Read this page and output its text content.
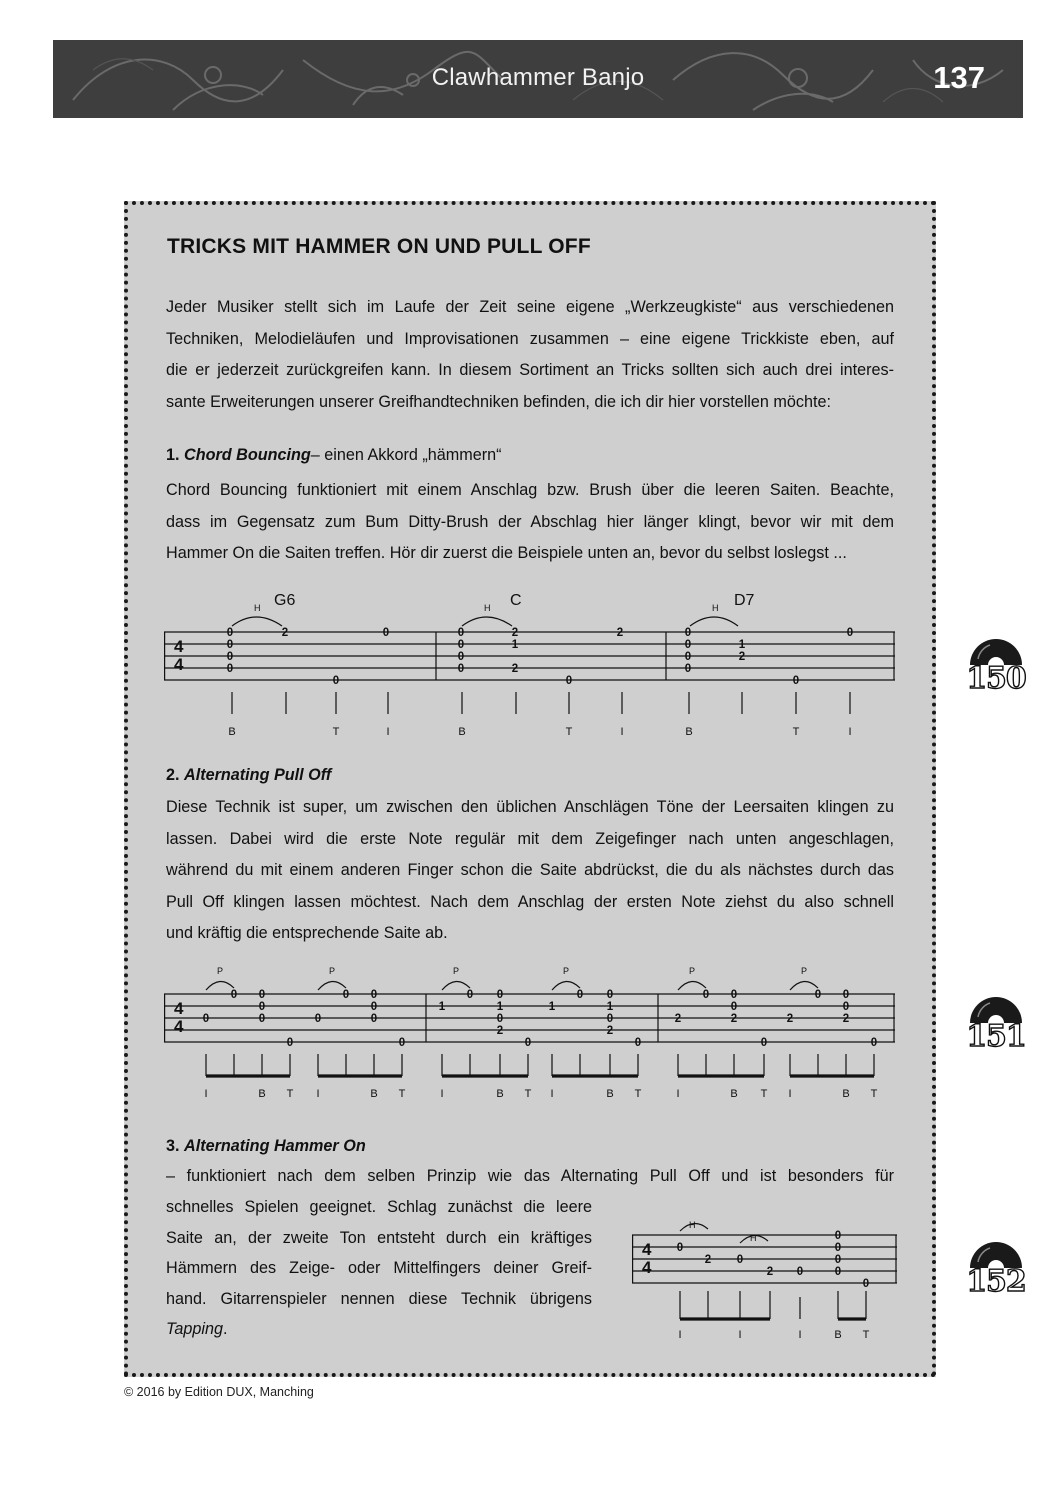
Clawhammer Banjo	137
TRICKS MIT HAMMER ON UND PULL OFF
Jeder Musiker stellt sich im Laufe der Zeit seine eigene „Werkzeugkiste“ aus verschiedenen
Techniken, Melodieläufen und Improvisationen zusammen – eine eigene Trickkiste eben, auf
die er jederzeit zurückgreifen kann. In diesem Sortiment an Tricks sollten sich auch drei interes-
sante Erweiterungen unserer Greifhandtechniken befinden, die ich dir hier vorstellen möchte:
1. Chord Bouncing– einen Akkord „hämmern“
Chord Bouncing funktioniert mit einem Anschlag bzw. Brush über die leeren Saiten. Beachte,
dass im Gegensatz zum Bum Ditty-Brush der Abschlag hier länger klingt, bevor wir mit dem
Hammer On die Saiten treffen. Hör dir zuerst die Beispiele unten an, bevor du selbst loslegst ...
4
4
G6	C	D7
H	H	H
0
0
0
0
2	0
0
0
0
0
0
2
1
2
2
0
0
0
0
0
1
2
0
0
B	T	I	B	T	I	B	T	I
2. Alternating Pull Off
Diese Technik ist super, um zwischen den üblichen Anschlägen Töne der Leersaiten klingen zu
lassen. Dabei wird die erste Note regulär mit dem Zeigefinger nach unten angeschlagen,
während du mit einem anderen Finger schon die Saite abdrückst, die du als nächstes durch das
Pull Off klingen lassen möchtest. Nach dem Anschlag der ersten Note ziehst du also schnell
und kräftig die entsprechende Saite ab.
4
4
P	P	P	P	P	P
0
0 0
0
0
0
0
0 0
0
0
0
1
0 0
1
0
2
0
1
0 0
1
0
2
0
2
0 0
0
2
0
2
0 0
0
2
0
I	B T I	B T	I	B T I	B T	I	B T I	B T
3. Alternating Hammer On
– funktioniert nach dem selben Prinzip wie das Alternating Pull Off und ist besonders für
schnelles Spielen geeignet. Schlag zunächst die leere
Saite an, der zweite Ton entsteht durch ein kräftiges
Hämmern des Zeige- oder Mittelfingers deiner Greif-
hand. Gitarrenspieler nennen diese Technik übrigens
Tapping.
4
4
H
H
0
2 0
2 0
0
0
0
0
0
I	I	I	B T
150
151
152
© 2016 by Edition DUX, Manching
